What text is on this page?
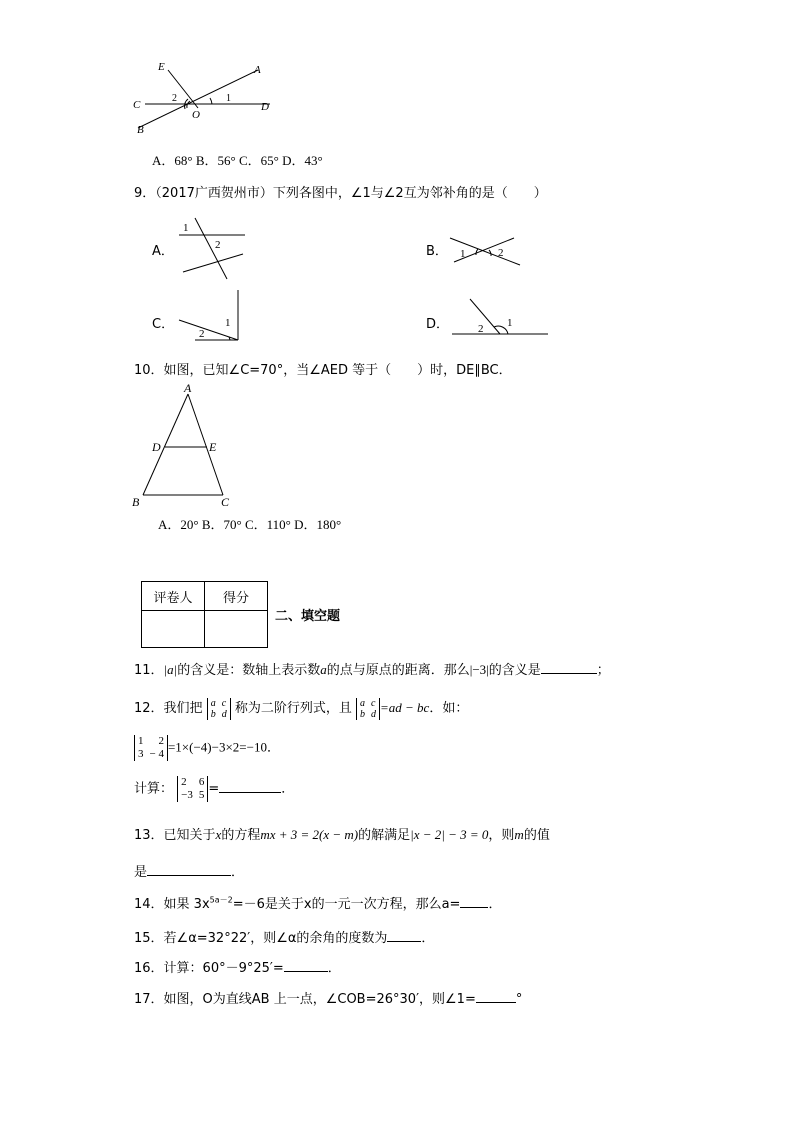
E	A
C	D
B
O
1
2
A．68° B．56° C．65° D．43°
9．（2017广西贺州市）下列各图中，∠1与∠2互为邻补角的是（　　）
A．
1
2	B． 1	2
C．	1
2
D．	1
2
10．如图，已知∠C=70°，当∠AED 等于（　　）时，DE∥BC．
A
D	E
B	C
A．20° B．70° C．110° D．180°
评卷人	得分

二、填空题
11．|a|的含义是：数轴上表示数a的点与原点的距离．那么|−3|的含义是	；
12．我们把 a	c
b	d 称为二阶行列式，且 a	c
b	d =ad − bc．如：
1	2
3	− 4 =1×(−4)−3×2=−10．
计算： 2	6
−3	5 =	．
13．已知关于x的方程mx + 3 = 2(x − m)的解满足|x − 2| − 3 = 0，则m的值
是	．
14．如果 $3x^{5a-2}=-6$是关于x的一元一次方程，那么a= ．
15．若∠α=32°22′，则∠α的余角的度数为	．
16．计算：60°－9°25′=	．
17．如图，O为直线AB 上一点，∠COB=26°30′，则∠1=	°
